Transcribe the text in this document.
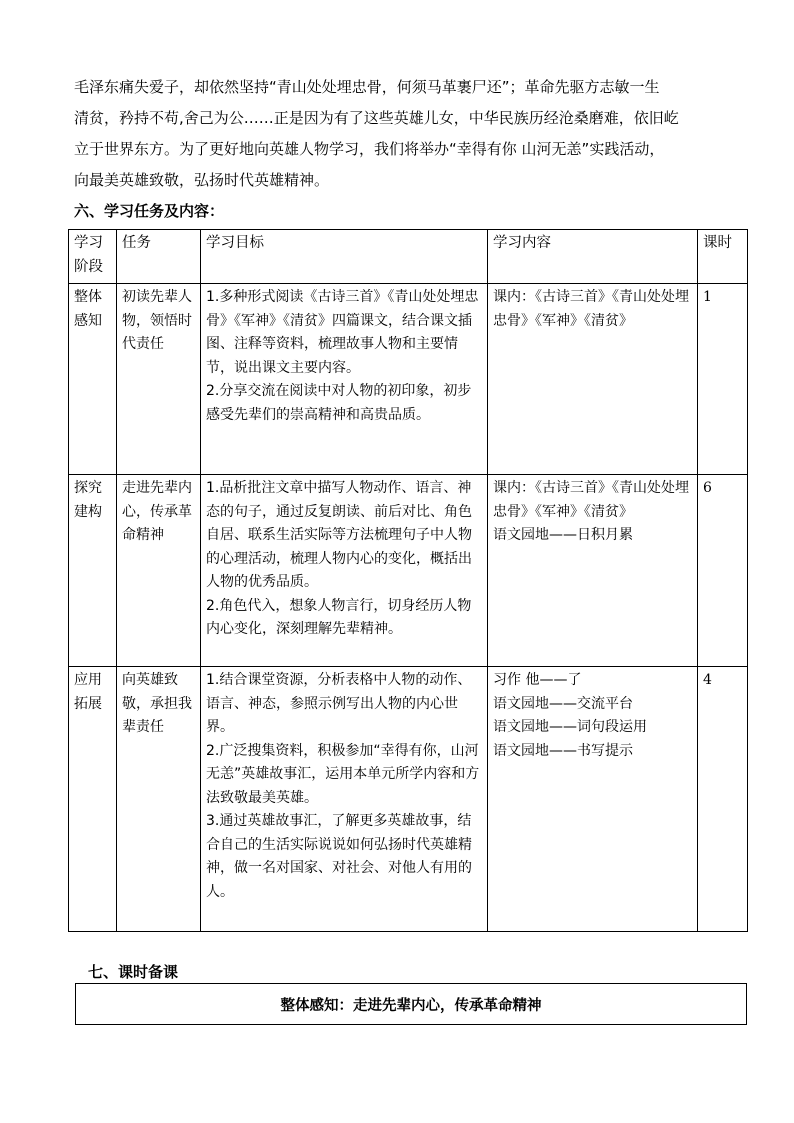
毛泽东痛失爱子，却依然坚持“青山处处埋忠骨，何须马革裹尸还”；革命先驱方志敏一生

清贫，矜持不苟,舍己为公……正是因为有了这些英雄儿女，中华民族历经沧桑磨难，依旧屹

立于世界东方。为了更好地向英雄人物学习，我们将举办“幸得有你 山河无恙”实践活动，

向最美英雄致敬，弘扬时代英雄精神。

六、学习任务及内容：
学习
阶段	任务	学习目标	学习内容	课时

整体
感知	初读先辈人物，领悟时代责任	1.多种形式阅读《古诗三首》《青山处处埋忠骨》《军神》《清贫》四篇课文，结合课文插图、注释等资料，梳理故事人物和主要情节，说出课文主要内容。
2.分享交流在阅读中对人物的初印象，初步感受先辈们的崇高精神和高贵品质。	课内：《古诗三首》《青山处处埋忠骨》《军神》《清贫》	1

探究
建构	走进先辈内心，传承革命精神	1.品析批注文章中描写人物动作、语言、神态的句子，通过反复朗读、前后对比、角色自居、联系生活实际等方法梳理句子中人物的心理活动，梳理人物内心的变化，概括出人物的优秀品质。
2.角色代入，想象人物言行，切身经历人物内心变化，深刻理解先辈精神。	课内：《古诗三首》《青山处处埋忠骨》《军神》《清贫》
语文园地——日积月累	6

应用
拓展	向英雄致敬，承担我辈责任	1.结合课堂资源，分析表格中人物的动作、语言、神态，参照示例写出人物的内心世界。
2.广泛搜集资料，积极参加“幸得有你，山河无恙”英雄故事汇，运用本单元所学内容和方法致敬最美英雄。
3.通过英雄故事汇，了解更多英雄故事，结合自己的生活实际说说如何弘扬时代英雄精神，做一名对国家、对社会、对他人有用的人。	习作 他——了
语文园地——交流平台
语文园地——词句段运用
语文园地——书写提示	4
七、课时备课
整体感知：走进先辈内心，传承革命精神
